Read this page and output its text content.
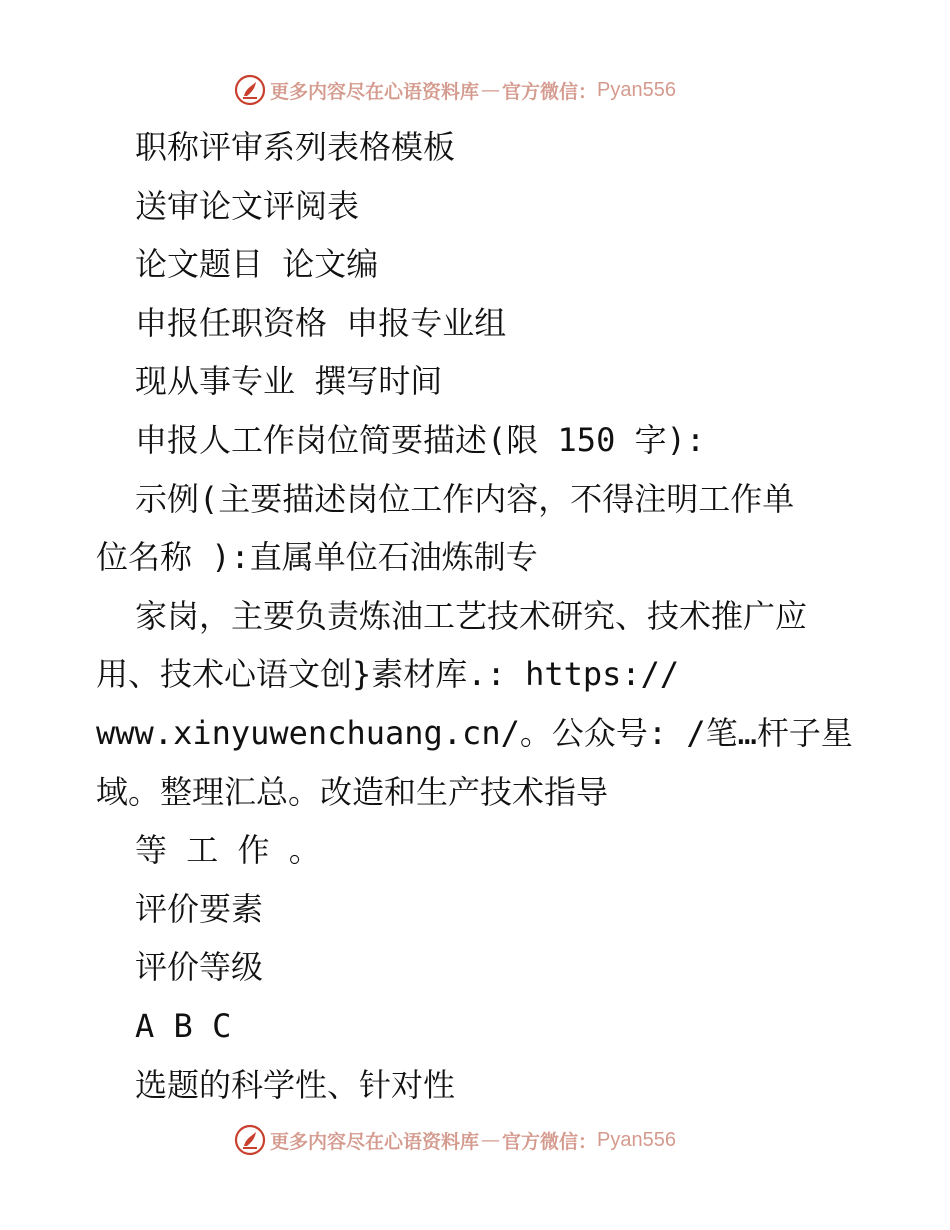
更多内容尽在心语资料库 — 官方微信： Pyan556
职称评审系列表格模板
送审论文评阅表
论文题目 论文编
申报任职资格 申报专业组
现从事专业 撰写时间
申报人工作岗位简要描述(限 150 字):
示例(主要描述岗位工作内容，不得注明工作单
位名称 ):直属单位石油炼制专
家岗，主要负责炼油工艺技术研究、技术推广应
用、技术心语文创}素材库.: https://
www.xinyuwenchuang.cn/。公众号: /笔…杆子星
域。整理汇总。改造和生产技术指导
等 工 作 。
评价要素
评价等级
A B C
选题的科学性、针对性
更多内容尽在心语资料库 — 官方微信： Pyan556
